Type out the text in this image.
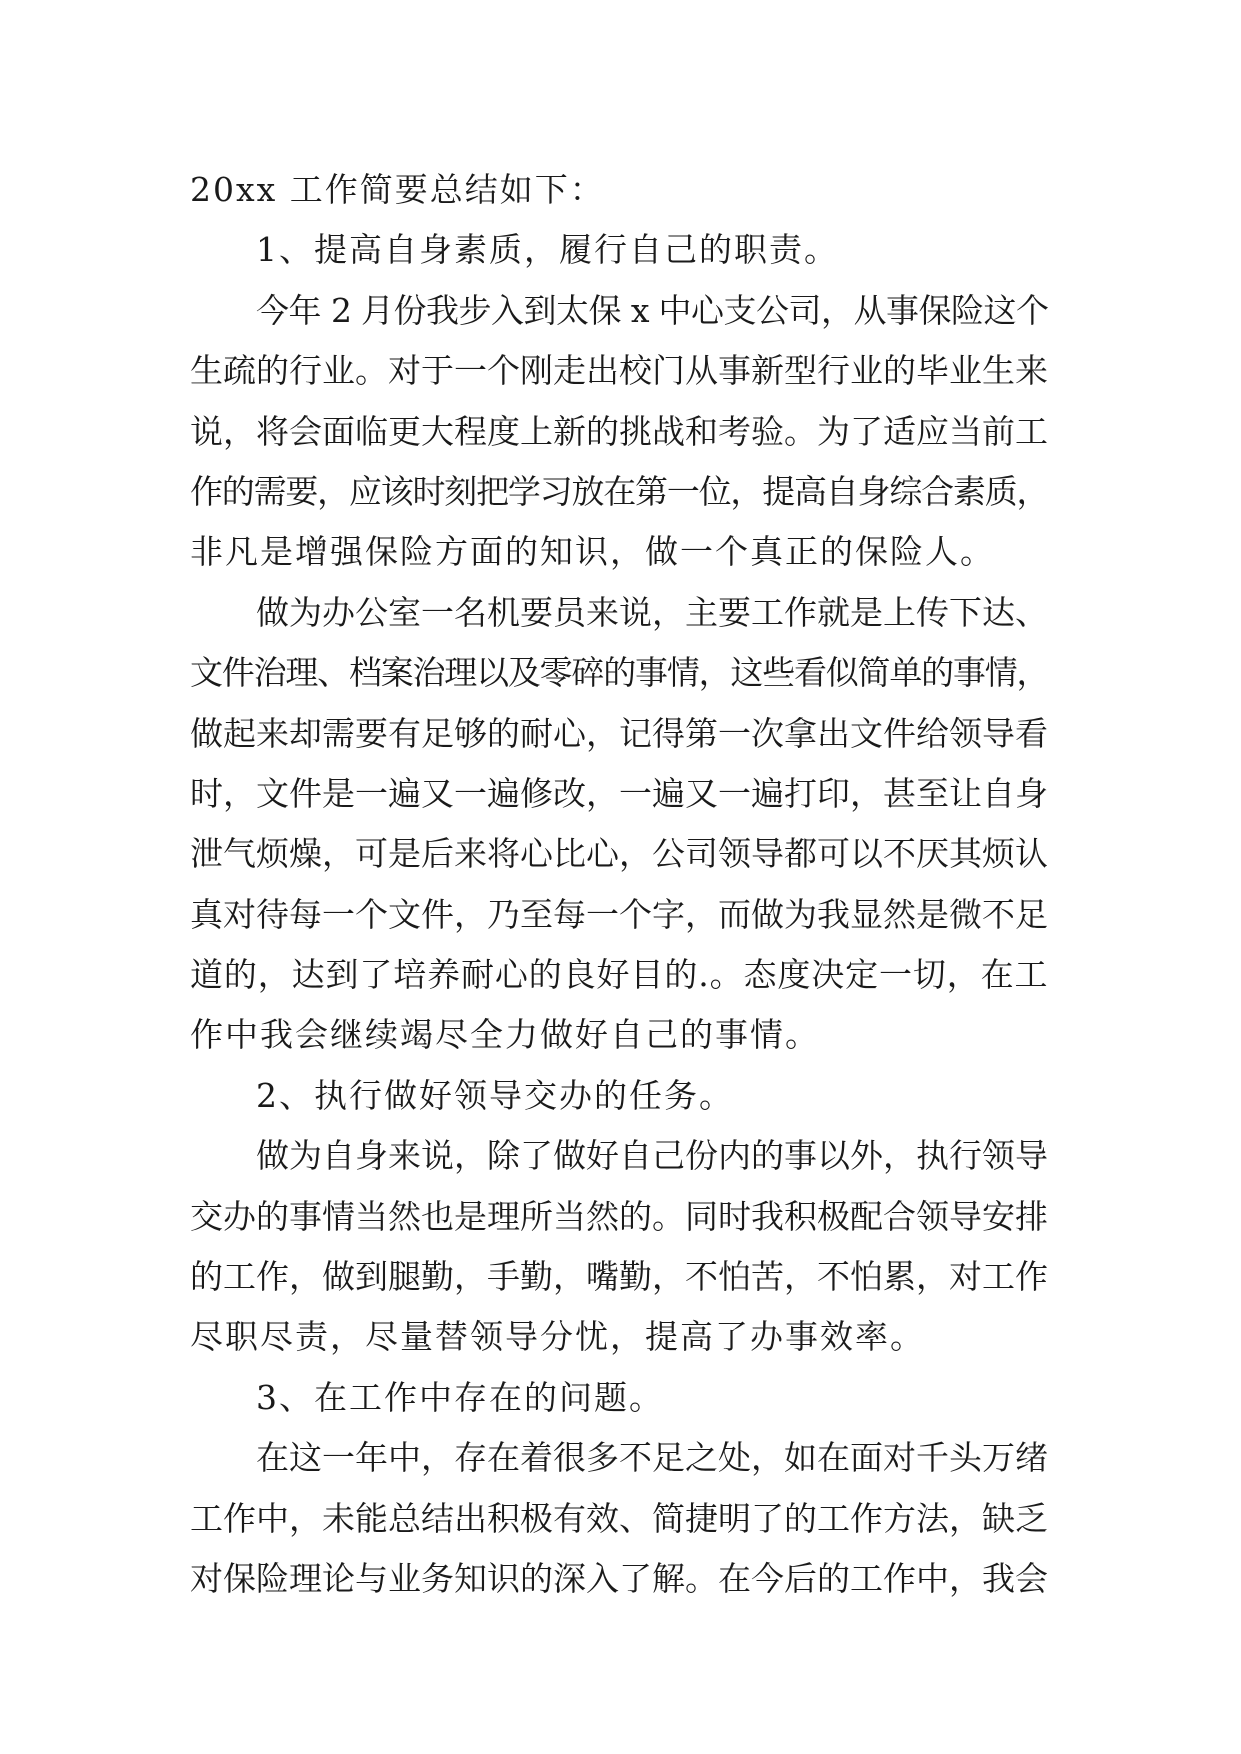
20xx 工作简要总结如下：
1、提高自身素质，履行自己的职责。
今年 2 月份我步入到太保 x 中心支公司，从事保险这个
生疏的行业。对于一个刚走出校门从事新型行业的毕业生来
说，将会面临更大程度上新的挑战和考验。为了适应当前工
作的需要，应该时刻把学习放在第一位，提高自身综合素质，
非凡是增强保险方面的知识，做一个真正的保险人。
做为办公室一名机要员来说，主要工作就是上传下达、
文件治理、档案治理以及零碎的事情，这些看似简单的事情，
做起来却需要有足够的耐心，记得第一次拿出文件给领导看
时，文件是一遍又一遍修改，一遍又一遍打印，甚至让自身
泄气烦燥，可是后来将心比心，公司领导都可以不厌其烦认
真对待每一个文件，乃至每一个字，而做为我显然是微不足
道的，达到了培养耐心的良好目的.。态度决定一切，在工
作中我会继续竭尽全力做好自己的事情。
2、执行做好领导交办的任务。
做为自身来说，除了做好自己份内的事以外，执行领导
交办的事情当然也是理所当然的。同时我积极配合领导安排
的工作，做到腿勤，手勤，嘴勤，不怕苦，不怕累，对工作
尽职尽责，尽量替领导分忧，提高了办事效率。
3、在工作中存在的问题。
在这一年中，存在着很多不足之处，如在面对千头万绪
工作中，未能总结出积极有效、简捷明了的工作方法，缺乏
对保险理论与业务知识的深入了解。在今后的工作中，我会
